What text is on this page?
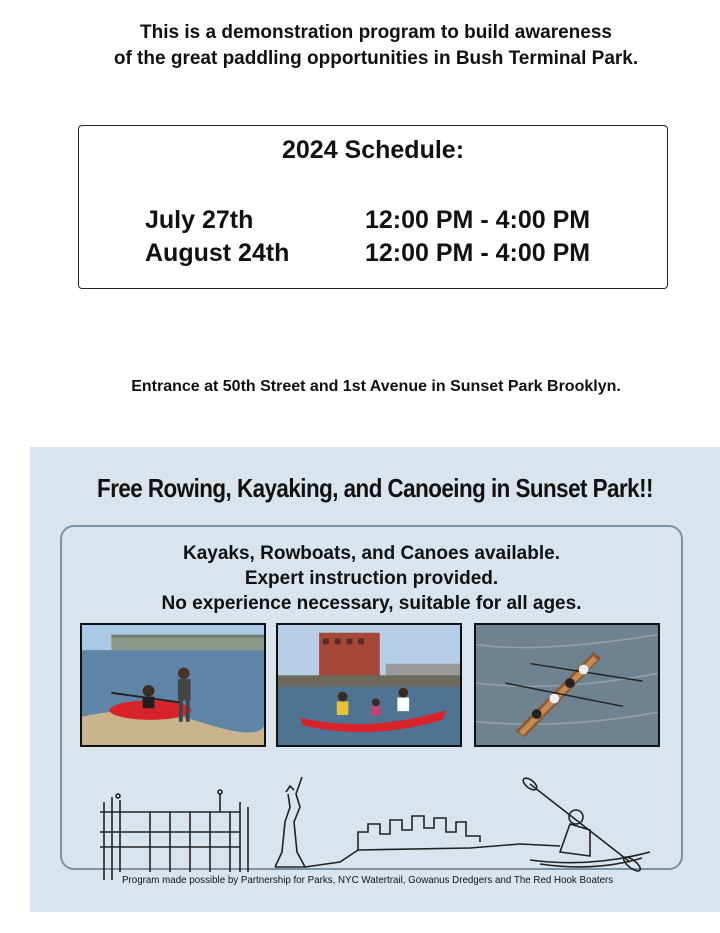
This is a demonstration program to build awareness
of the great paddling opportunities in Bush Terminal Park.
2024 Schedule:
July 27th	12:00 PM - 4:00 PM
August 24th	12:00 PM - 4:00 PM
Entrance at 50th Street and 1st Avenue in Sunset Park Brooklyn.
Free Rowing, Kayaking, and Canoeing in Sunset Park!!
Kayaks, Rowboats, and Canoes available.
Expert instruction provided.
No experience necessary, suitable for all ages.
Program made possible by Partnership for Parks, NYC Watertrail, Gowanus Dredgers and The Red Hook Boaters
